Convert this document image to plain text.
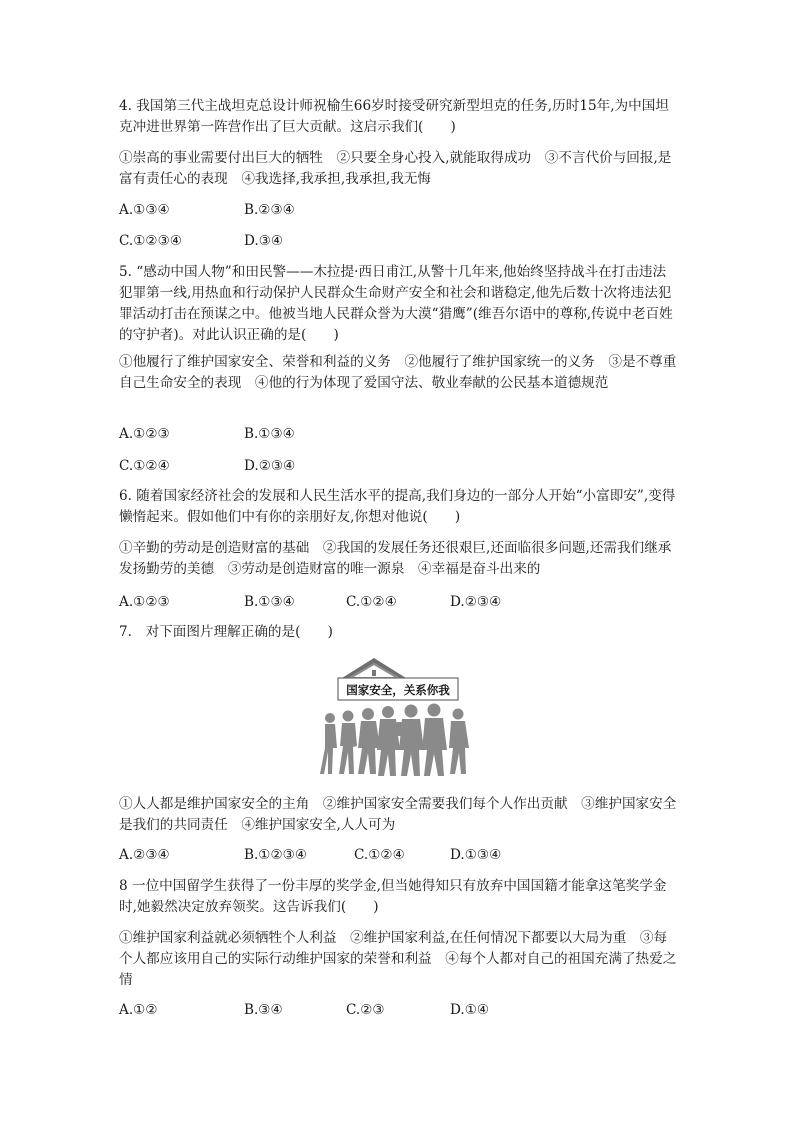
4. 我国第三代主战坦克总设计师祝榆生66岁时接受研究新型坦克的任务,历时15年,为中国坦克冲进世界第一阵营作出了巨大贡献。这启示我们(　　)

①崇高的事业需要付出巨大的牺牲　②只要全身心投入,就能取得成功　③不言代价与回报,是富有责任心的表现　④我选择,我承担,我承担,我无悔

A.①③④	B.②③④
C.①②③④	D.③④

5. “感动中国人物”和田民警——木拉提·西日甫江,从警十几年来,他始终坚持战斗在打击违法犯罪第一线,用热血和行动保护人民群众生命财产安全和社会和谐稳定,他先后数十次将违法犯罪活动打击在预谋之中。他被当地人民群众誉为大漠“猎鹰”(维吾尔语中的尊称,传说中老百姓的守护者)。对此认识正确的是(　　)

①他履行了维护国家安全、荣誉和利益的义务　②他履行了维护国家统一的义务　③是不尊重自己生命安全的表现　④他的行为体现了爱国守法、敬业奉献的公民基本道德规范

A.①②③	B.①③④
C.①②④	D.②③④

6. 随着国家经济社会的发展和人民生活水平的提高,我们身边的一部分人开始“小富即安”,变得懒惰起来。假如他们中有你的亲朋好友,你想对他说(　　)

①辛勤的劳动是创造财富的基础　②我国的发展任务还很艰巨,还面临很多问题,还需我们继承发扬勤劳的美德　③劳动是创造财富的唯一源泉　④幸福是奋斗出来的

A.①②③	B.①③④	C.①②④	D.②③④

7.　对下面图片理解正确的是(　　)

国家安全，关系你我

①人人都是维护国家安全的主角　②维护国家安全需要我们每个人作出贡献　③维护国家安全是我们的共同责任　④维护国家安全,人人可为

A.②③④	B.①②③④	C.①②④	D.①③④

8 一位中国留学生获得了一份丰厚的奖学金,但当她得知只有放弃中国国籍才能拿这笔奖学金时,她毅然决定放弃领奖。这告诉我们(　　)

①维护国家利益就必须牺牲个人利益　②维护国家利益,在任何情况下都要以大局为重　③每个人都应该用自己的实际行动维护国家的荣誉和利益　④每个人都对自己的祖国充满了热爱之情

A.①②	B.③④	C.②③	D.①④
